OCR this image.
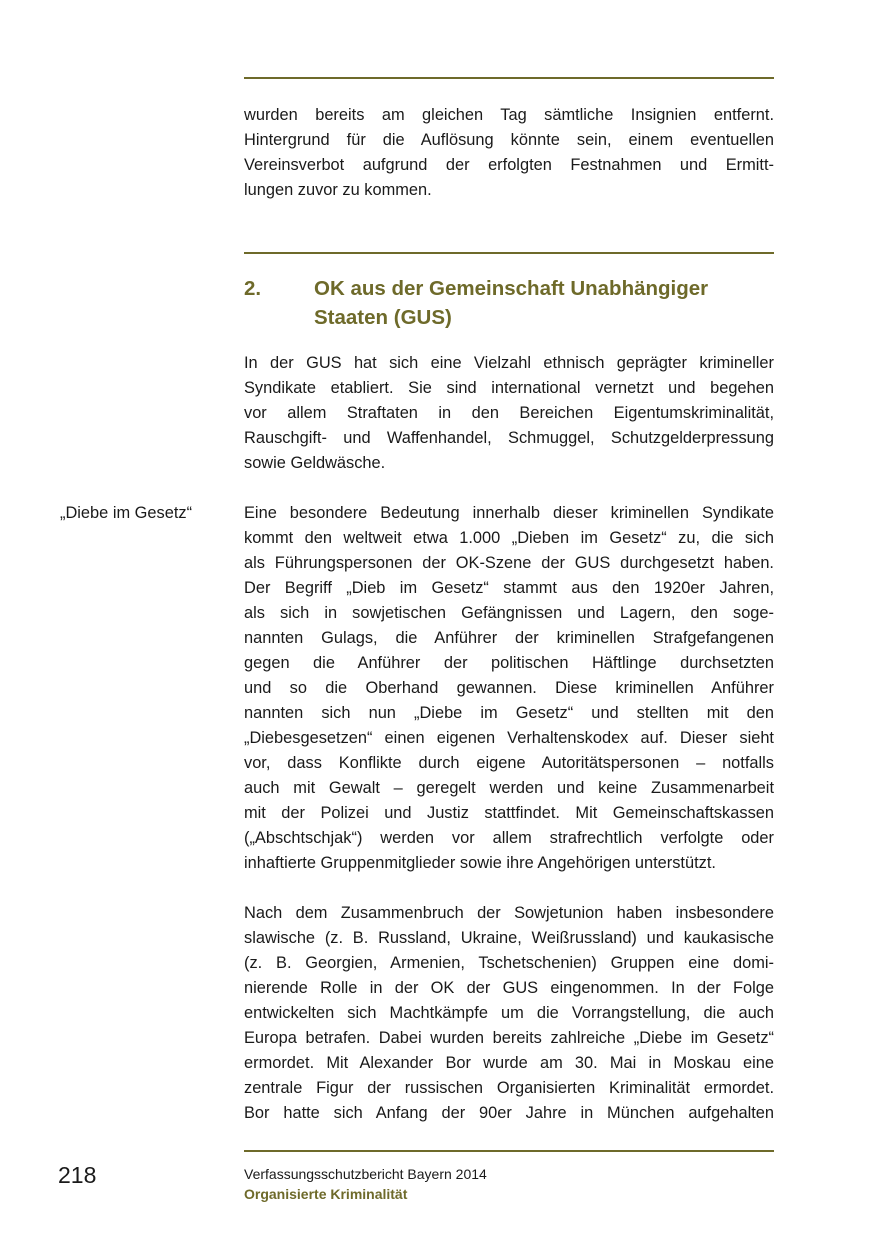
wurden bereits am gleichen Tag sämtliche Insignien entfernt.

Hintergrund für die Auflösung könnte sein, einem eventuellen

Vereinsverbot aufgrund der erfolgten Festnahmen und Ermitt-

lungen zuvor zu kommen.

2.	OK aus der Gemeinschaft Unabhängiger
Staaten (GUS)

In der GUS hat sich eine Vielzahl ethnisch geprägter krimineller

Syndikate etabliert. Sie sind international vernetzt und begehen

vor allem Straftaten in den Bereichen Eigentumskriminalität,

Rauschgift- und Waffenhandel, Schmuggel, Schutzgelderpressung

sowie Geldwäsche.

„Diebe im Gesetz“	Eine besondere Bedeutung innerhalb dieser kriminellen Syndikate

kommt den weltweit etwa 1.000 „Dieben im Gesetz“ zu, die sich

als Führungspersonen der OK-Szene der GUS durchgesetzt haben.

Der Begriff „Dieb im Gesetz“ stammt aus den 1920er Jahren,

als sich in sowjetischen Gefängnissen und Lagern, den soge-

nannten Gulags, die Anführer der kriminellen Strafgefangenen

gegen die Anführer der politischen Häftlinge durchsetzten

und so die Oberhand gewannen. Diese kriminellen Anführer

nannten sich nun „Diebe im Gesetz“ und stellten mit den

„Diebesgesetzen“ einen eigenen Verhaltenskodex auf. Dieser sieht

vor, dass Konflikte durch eigene Autoritätspersonen – notfalls

auch mit Gewalt – geregelt werden und keine Zusammenarbeit

mit der Polizei und Justiz stattfindet. Mit Gemeinschaftskassen

(„Abschtschjak“) werden vor allem strafrechtlich verfolgte oder

inhaftierte Gruppenmitglieder sowie ihre Angehörigen unterstützt.

Nach dem Zusammenbruch der Sowjetunion haben insbesondere

slawische (z. B. Russland, Ukraine, Weißrussland) und kaukasische

(z. B. Georgien, Armenien, Tschetschenien) Gruppen eine domi-

nierende Rolle in der OK der GUS eingenommen. In der Folge

entwickelten sich Machtkämpfe um die Vorrangstellung, die auch

Europa betrafen. Dabei wurden bereits zahlreiche „Diebe im Gesetz“

ermordet. Mit Alexander Bor wurde am 30. Mai in Moskau eine

zentrale Figur der russischen Organisierten Kriminalität ermordet.

Bor hatte sich Anfang der 90er Jahre in München aufgehalten

218	Verfassungsschutzbericht Bayern 2014
Organisierte Kriminalität
